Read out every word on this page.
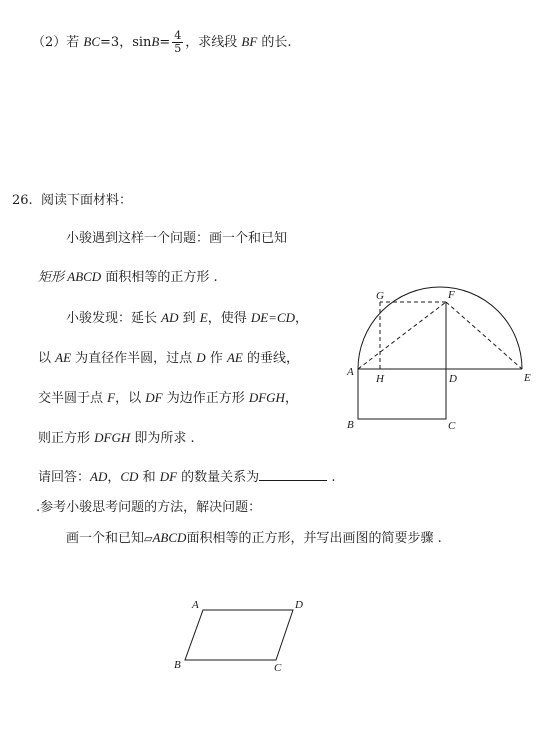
（2）若 BC=3，$\sin B= \frac{4}{5}$ ，求线段 BF 的长.
26. 阅读下面材料：
小骏遇到这样一个问题：画一个和已知
矩形 ABCD 面积相等的正方形 .
小骏发现：延长 AD 到 E，使得 DE=CD，
以 AE 为直径作半圆，过点 D 作 AE 的垂线，
交半圆于点 F，以 DF 为边作正方形 DFGH，
则正方形 DFGH 即为所求 .
请回答：AD，CD 和 DF 的数量关系为	.
.参考小骏思考问题的方法，解决问题：
画一个和已知▱ABCD面积相等的正方形，并写出画图的简要步骤 .
G	F
A
H	D	E
B	C
A	D
B	C
